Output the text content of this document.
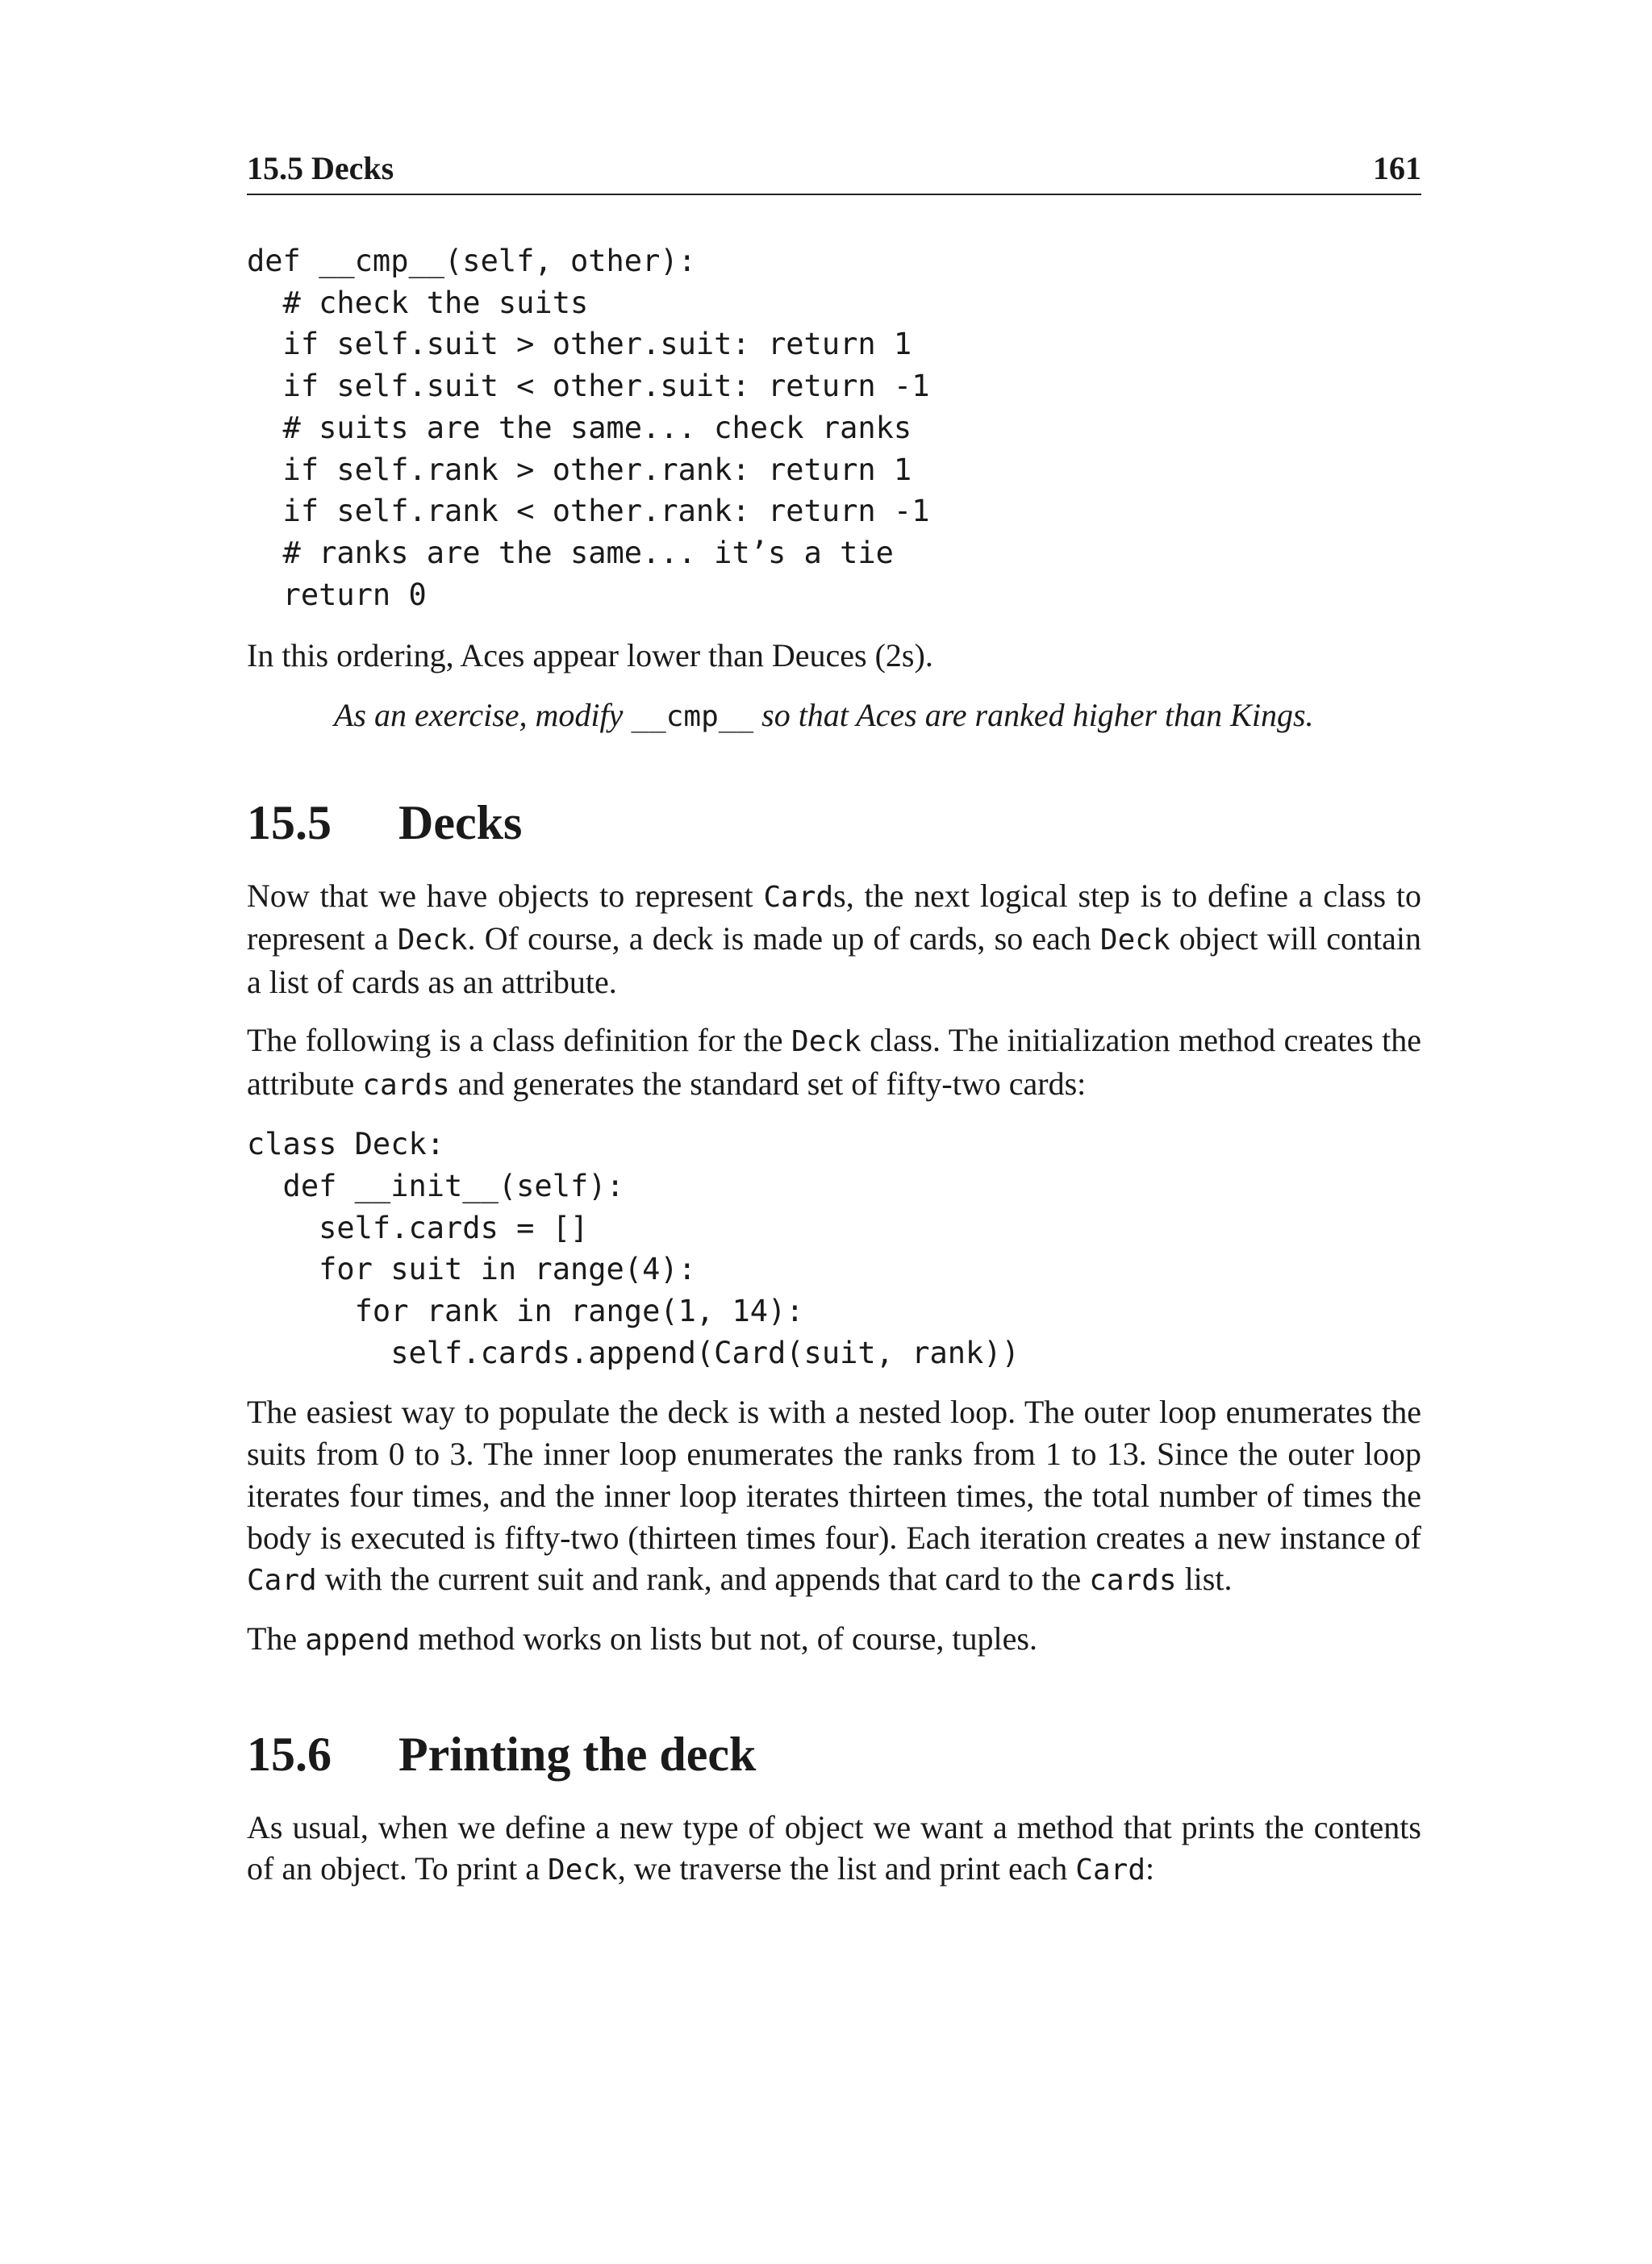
15.5 Decks	161
def __cmp__(self, other):
# check the suits
if self.suit > other.suit: return 1
if self.suit < other.suit: return -1
# suits are the same... check ranks
if self.rank > other.rank: return 1
if self.rank < other.rank: return -1
# ranks are the same... it’s a tie
return 0

In this ordering, Aces appear lower than Deuces (2s).

As an exercise, modify __cmp__ so that Aces are ranked higher than Kings.
15.5	Decks

Now that we have objects to represent Cards, the next logical step is to define a class to represent a Deck. Of course, a deck is made up of cards, so each Deck object will contain a list of cards as an attribute.

The following is a class definition for the Deck class. The initialization method creates the attribute cards and generates the standard set of fifty-two cards:

class Deck:
def __init__(self):
self.cards = []
for suit in range(4):
for rank in range(1, 14):
self.cards.append(Card(suit, rank))

The easiest way to populate the deck is with a nested loop. The outer loop enumerates the suits from 0 to 3. The inner loop enumerates the ranks from 1 to 13. Since the outer loop iterates four times, and the inner loop iterates thirteen times, the total number of times the body is executed is fifty-two (thirteen times four). Each iteration creates a new instance of Card with the current suit and rank, and appends that card to the cards list.

The append method works on lists but not, of course, tuples.

15.6	Printing the deck

As usual, when we define a new type of object we want a method that prints the contents of an object. To print a Deck, we traverse the list and print each Card:
